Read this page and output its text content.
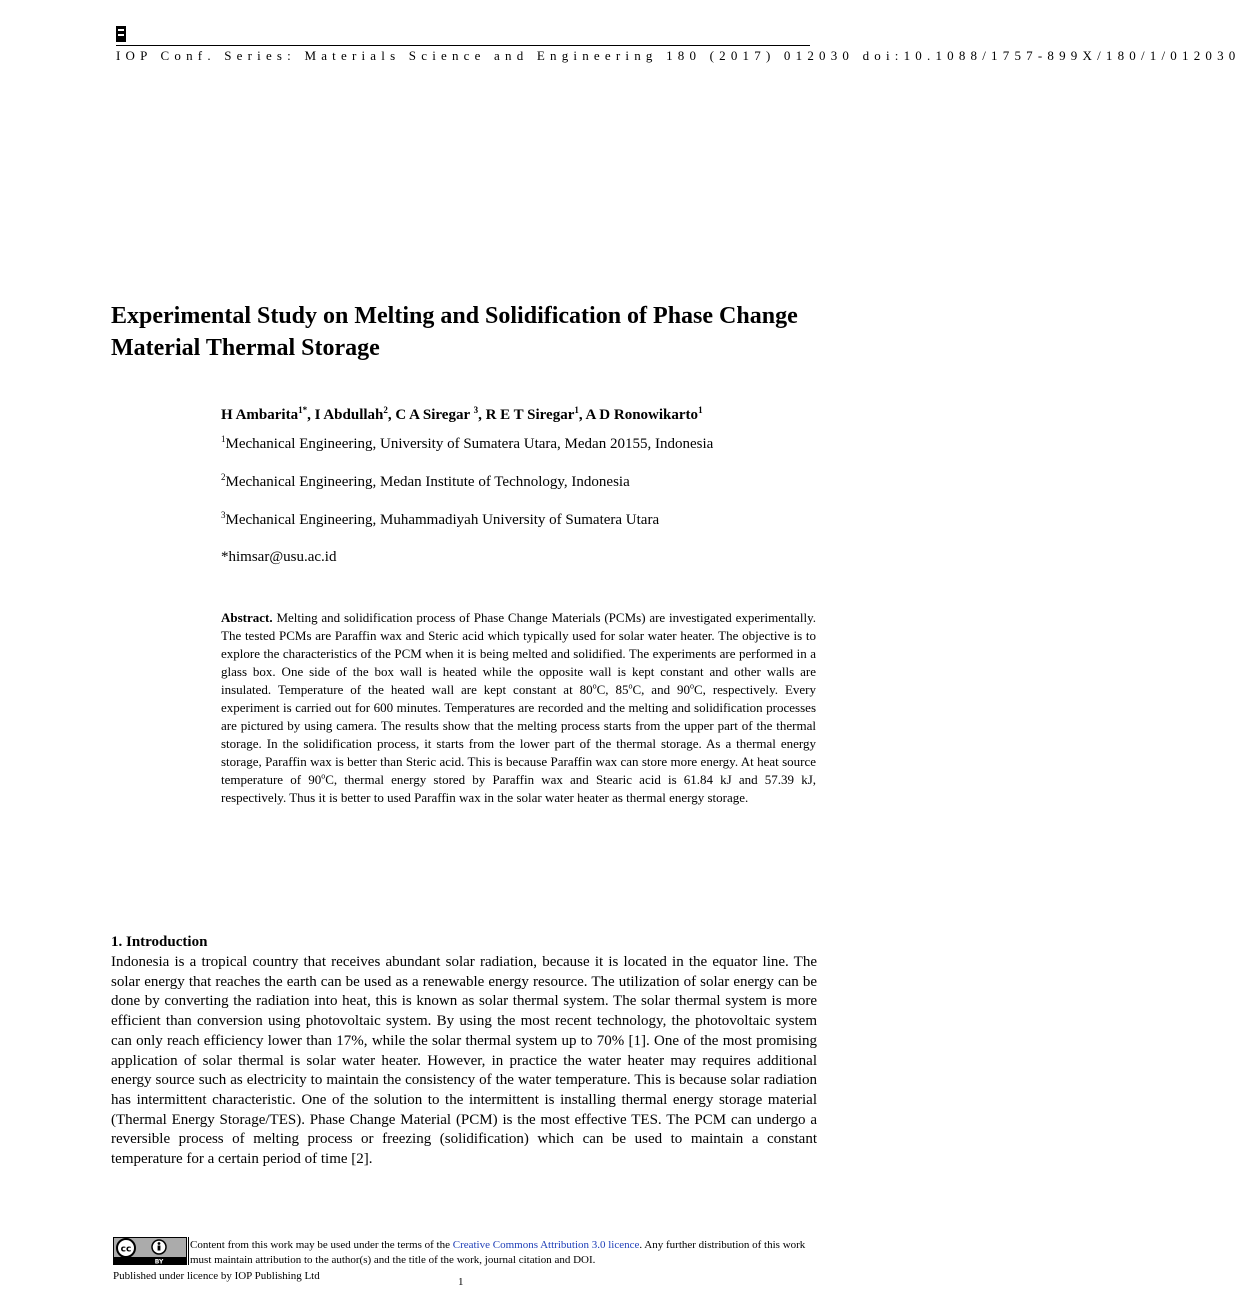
IOP Conf. Series: Materials Science and Engineering 180 (2017) 012030 doi:10.1088/1757-899X/180/1/012030
Experimental Study on Melting and Solidification of Phase Change Material Thermal Storage

H Ambarita$^{1*}$, I Abdullah$^2$, C A Siregar $^3$, R E T Siregar$^1$, A D Ronowikarto$^1$

$^1$Mechanical Engineering, University of Sumatera Utara, Medan 20155, Indonesia

$^2$Mechanical Engineering, Medan Institute of Technology, Indonesia

$^3$Mechanical Engineering, Muhammadiyah University of Sumatera Utara

*himsar@usu.ac.id

Abstract. Melting and solidification process of Phase Change Materials (PCMs) are investigated experimentally. The tested PCMs are Paraffin wax and Steric acid which typically used for solar water heater. The objective is to explore the characteristics of the PCM when it is being melted and solidified. The experiments are performed in a glass box. One side of the box wall is heated while the opposite wall is kept constant and other walls are insulated. Temperature of the heated wall are kept constant at 80$^o$C, 85$^o$C, and 90$^o$C, respectively. Every experiment is carried out for 600 minutes. Temperatures are recorded and the melting and solidification processes are pictured by using camera. The results show that the melting process starts from the upper part of the thermal storage. In the solidification process, it starts from the lower part of the thermal storage. As a thermal energy storage, Paraffin wax is better than Steric acid. This is because Paraffin wax can store more energy. At heat source temperature of 90$^o$C, thermal energy stored by Paraffin wax and Stearic acid is 61.84 kJ and 57.39 kJ, respectively. Thus it is better to used Paraffin wax in the solar water heater as thermal energy storage.

1. Introduction

Indonesia is a tropical country that receives abundant solar radiation, because it is located in the equator line. The solar energy that reaches the earth can be used as a renewable energy resource. The utilization of solar energy can be done by converting the radiation into heat, this is known as solar thermal system. The solar thermal system is more efficient than conversion using photovoltaic system. By using the most recent technology, the photovoltaic system can only reach efficiency lower than 17%, while the solar thermal system up to 70% [1]. One of the most promising application of solar thermal is solar water heater. However, in practice the water heater may requires additional energy source such as electricity to maintain the consistency of the water temperature. This is because solar radiation has intermittent characteristic. One of the solution to the intermittent is installing thermal energy storage material (Thermal Energy Storage/TES). Phase Change Material (PCM) is the most effective TES. The PCM can undergo a reversible process of melting process or freezing (solidification) which can be used to maintain a constant temperature for a certain period of time [2].

cc
BY

Content from this work may be used under the terms of the Creative Commons Attribution 3.0 licence. Any further distribution of this work must maintain attribution to the author(s) and the title of the work, journal citation and DOI.

Published under licence by IOP Publishing Ltd	1
